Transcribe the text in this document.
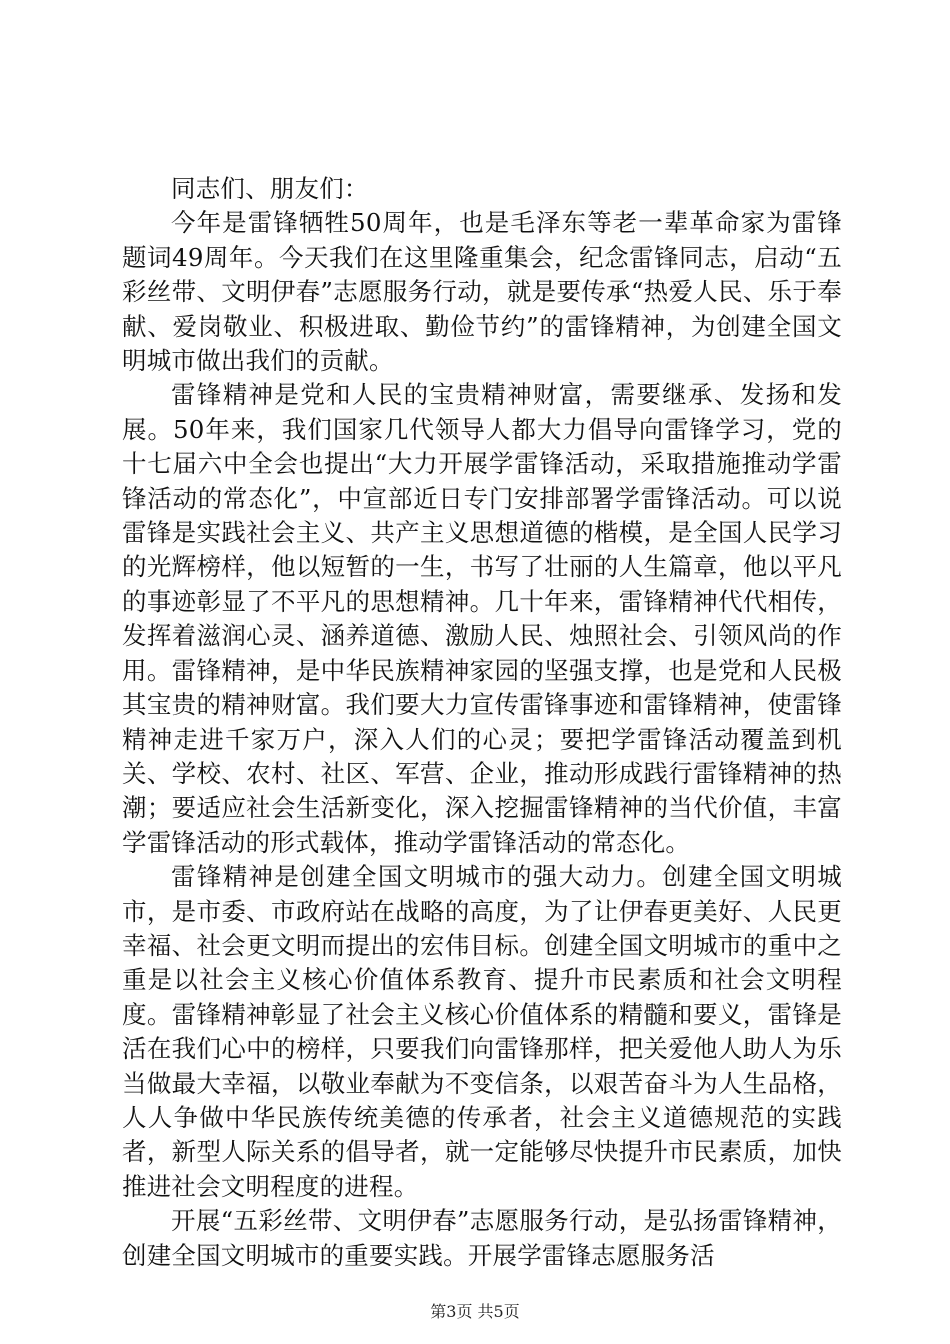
同志们、朋友们：

今年是雷锋牺牲50周年，也是毛泽东等老一辈革命家为雷锋题词49周年。今天我们在这里隆重集会，纪念雷锋同志，启动“五彩丝带、文明伊春”志愿服务行动，就是要传承“热爱人民、乐于奉献、爱岗敬业、积极进取、勤俭节约”的雷锋精神，为创建全国文明城市做出我们的贡献。

雷锋精神是党和人民的宝贵精神财富，需要继承、发扬和发展。50年来，我们国家几代领导人都大力倡导向雷锋学习，党的十七届六中全会也提出“大力开展学雷锋活动，采取措施推动学雷锋活动的常态化”，中宣部近日专门安排部署学雷锋活动。可以说雷锋是实践社会主义、共产主义思想道德的楷模，是全国人民学习的光辉榜样，他以短暂的一生，书写了壮丽的人生篇章，他以平凡的事迹彰显了不平凡的思想精神。几十年来，雷锋精神代代相传，发挥着滋润心灵、涵养道德、激励人民、烛照社会、引领风尚的作用。雷锋精神，是中华民族精神家园的坚强支撑，也是党和人民极其宝贵的精神财富。我们要大力宣传雷锋事迹和雷锋精神，使雷锋精神走进千家万户，深入人们的心灵；要把学雷锋活动覆盖到机关、学校、农村、社区、军营、企业，推动形成践行雷锋精神的热潮；要适应社会生活新变化，深入挖掘雷锋精神的当代价值，丰富学雷锋活动的形式载体，推动学雷锋活动的常态化。

雷锋精神是创建全国文明城市的强大动力。创建全国文明城市，是市委、市政府站在战略的高度，为了让伊春更美好、人民更幸福、社会更文明而提出的宏伟目标。创建全国文明城市的重中之重是以社会主义核心价值体系教育、提升市民素质和社会文明程度。雷锋精神彰显了社会主义核心价值体系的精髓和要义，雷锋是活在我们心中的榜样，只要我们向雷锋那样，把关爱他人助人为乐当做最大幸福，以敬业奉献为不变信条，以艰苦奋斗为人生品格，人人争做中华民族传统美德的传承者，社会主义道德规范的实践者，新型人际关系的倡导者，就一定能够尽快提升市民素质，加快推进社会文明程度的进程。

开展“五彩丝带、文明伊春”志愿服务行动，是弘扬雷锋精神，创建全国文明城市的重要实践。开展学雷锋志愿服务活

第3页 共5页
